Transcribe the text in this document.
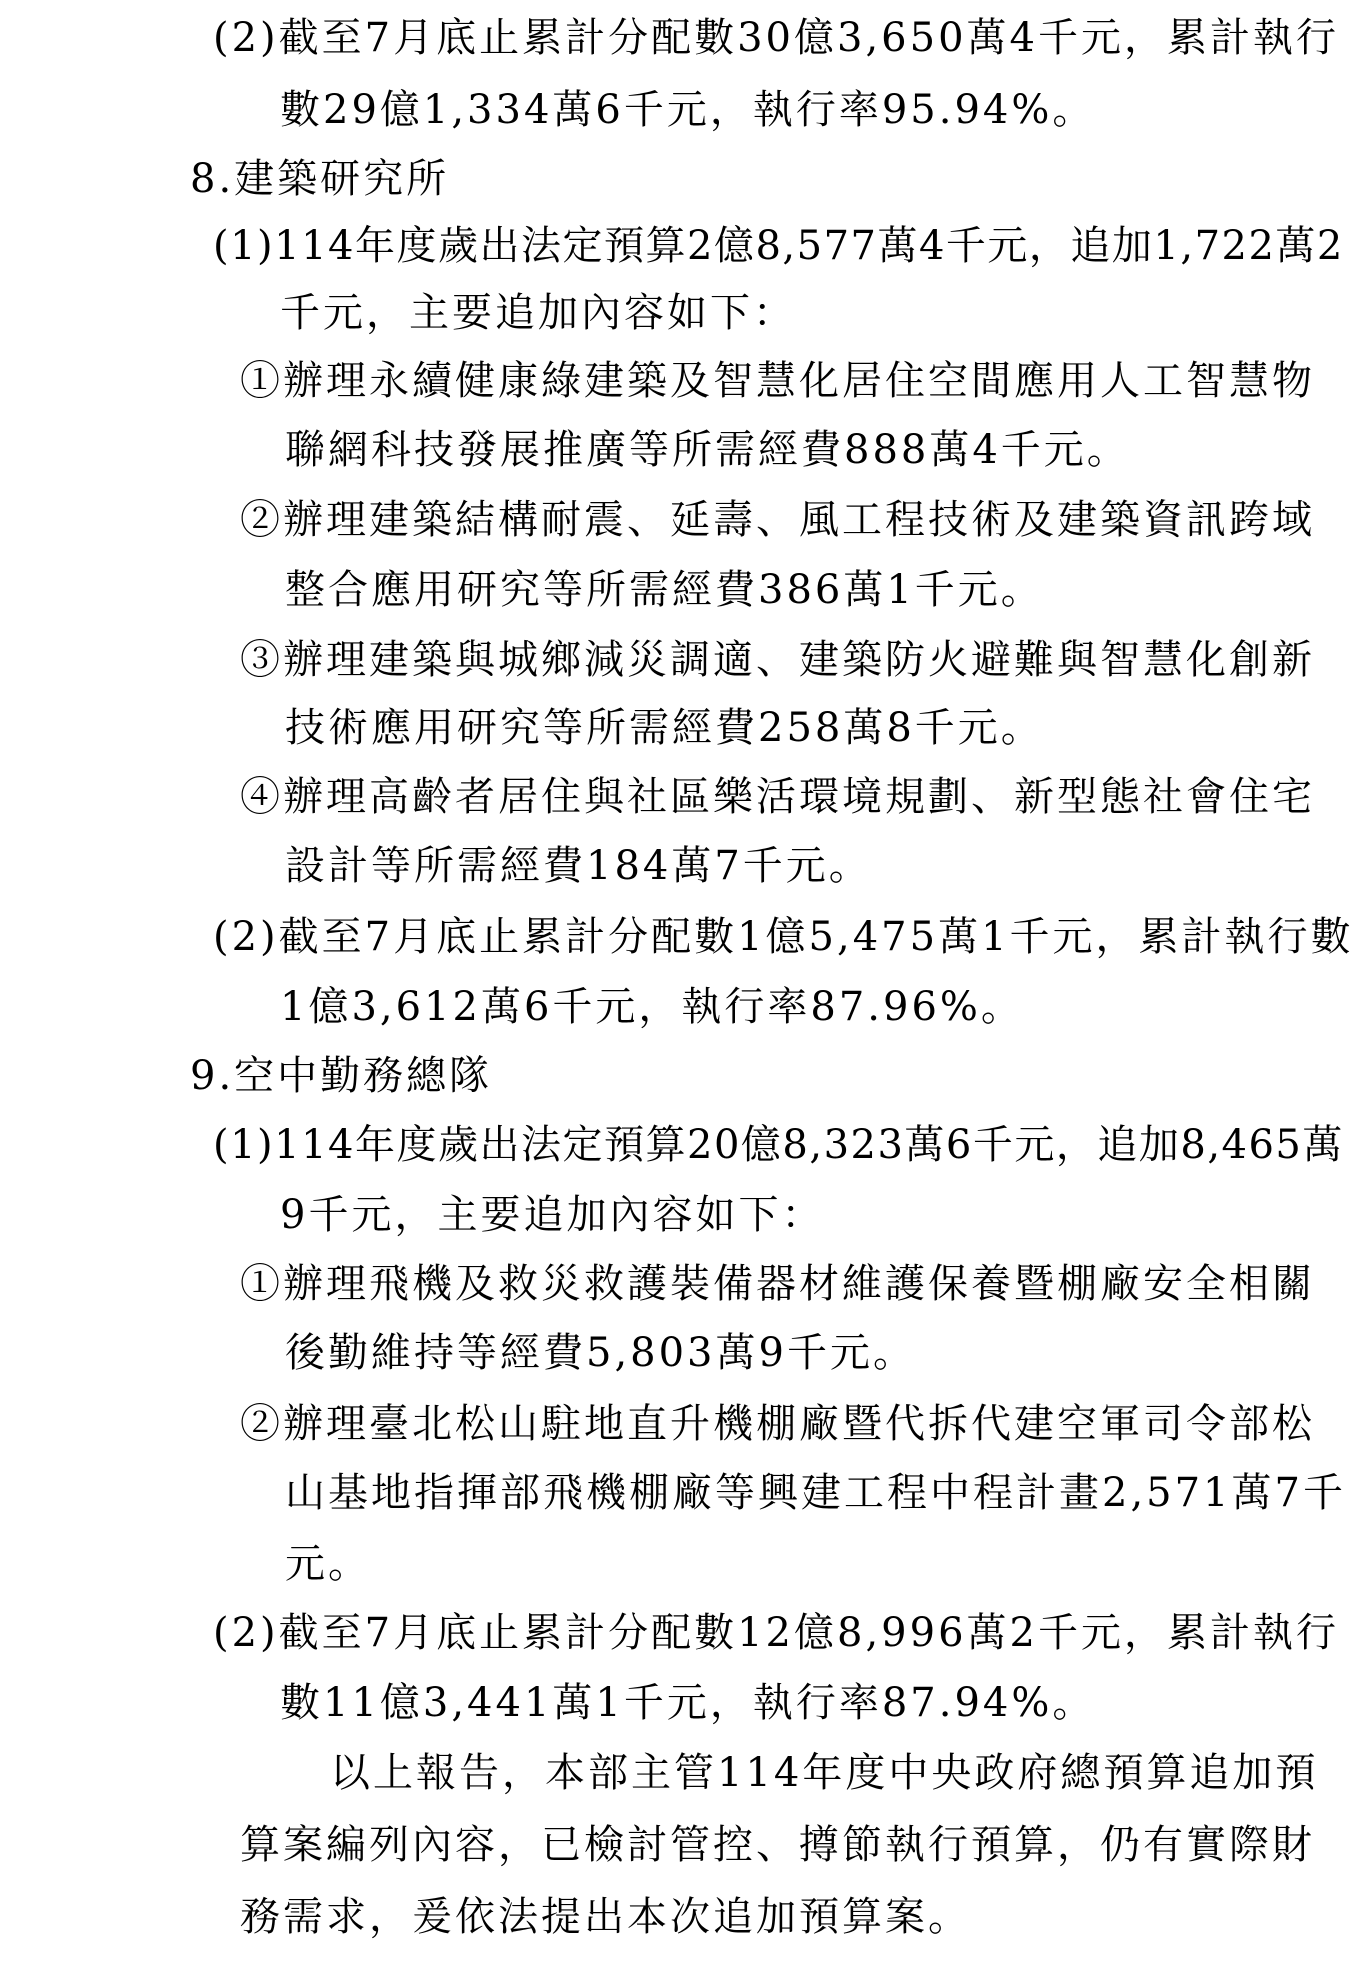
(2)截至7月底止累計分配數30億3,650萬4千元，累計執行
數29億1,334萬6千元，執行率95.94%。
8.建築研究所
(1)114年度歲出法定預算2億8,577萬4千元，追加1,722萬2
千元，主要追加內容如下：
①辦理永續健康綠建築及智慧化居住空間應用人工智慧物
聯網科技發展推廣等所需經費888萬4千元。
②辦理建築結構耐震、延壽、風工程技術及建築資訊跨域
整合應用研究等所需經費386萬1千元。
③辦理建築與城鄉減災調適、建築防火避難與智慧化創新
技術應用研究等所需經費258萬8千元。
④辦理高齡者居住與社區樂活環境規劃、新型態社會住宅
設計等所需經費184萬7千元。
(2)截至7月底止累計分配數1億5,475萬1千元，累計執行數
1億3,612萬6千元，執行率87.96%。
9.空中勤務總隊
(1)114年度歲出法定預算20億8,323萬6千元，追加8,465萬
9千元，主要追加內容如下：
①辦理飛機及救災救護裝備器材維護保養暨棚廠安全相關
後勤維持等經費5,803萬9千元。
②辦理臺北松山駐地直升機棚廠暨代拆代建空軍司令部松
山基地指揮部飛機棚廠等興建工程中程計畫2,571萬7千
元。
(2)截至7月底止累計分配數12億8,996萬2千元，累計執行
數11億3,441萬1千元，執行率87.94%。
以上報告，本部主管114年度中央政府總預算追加預
算案編列內容，已檢討管控、撙節執行預算，仍有實際財
務需求，爰依法提出本次追加預算案。
